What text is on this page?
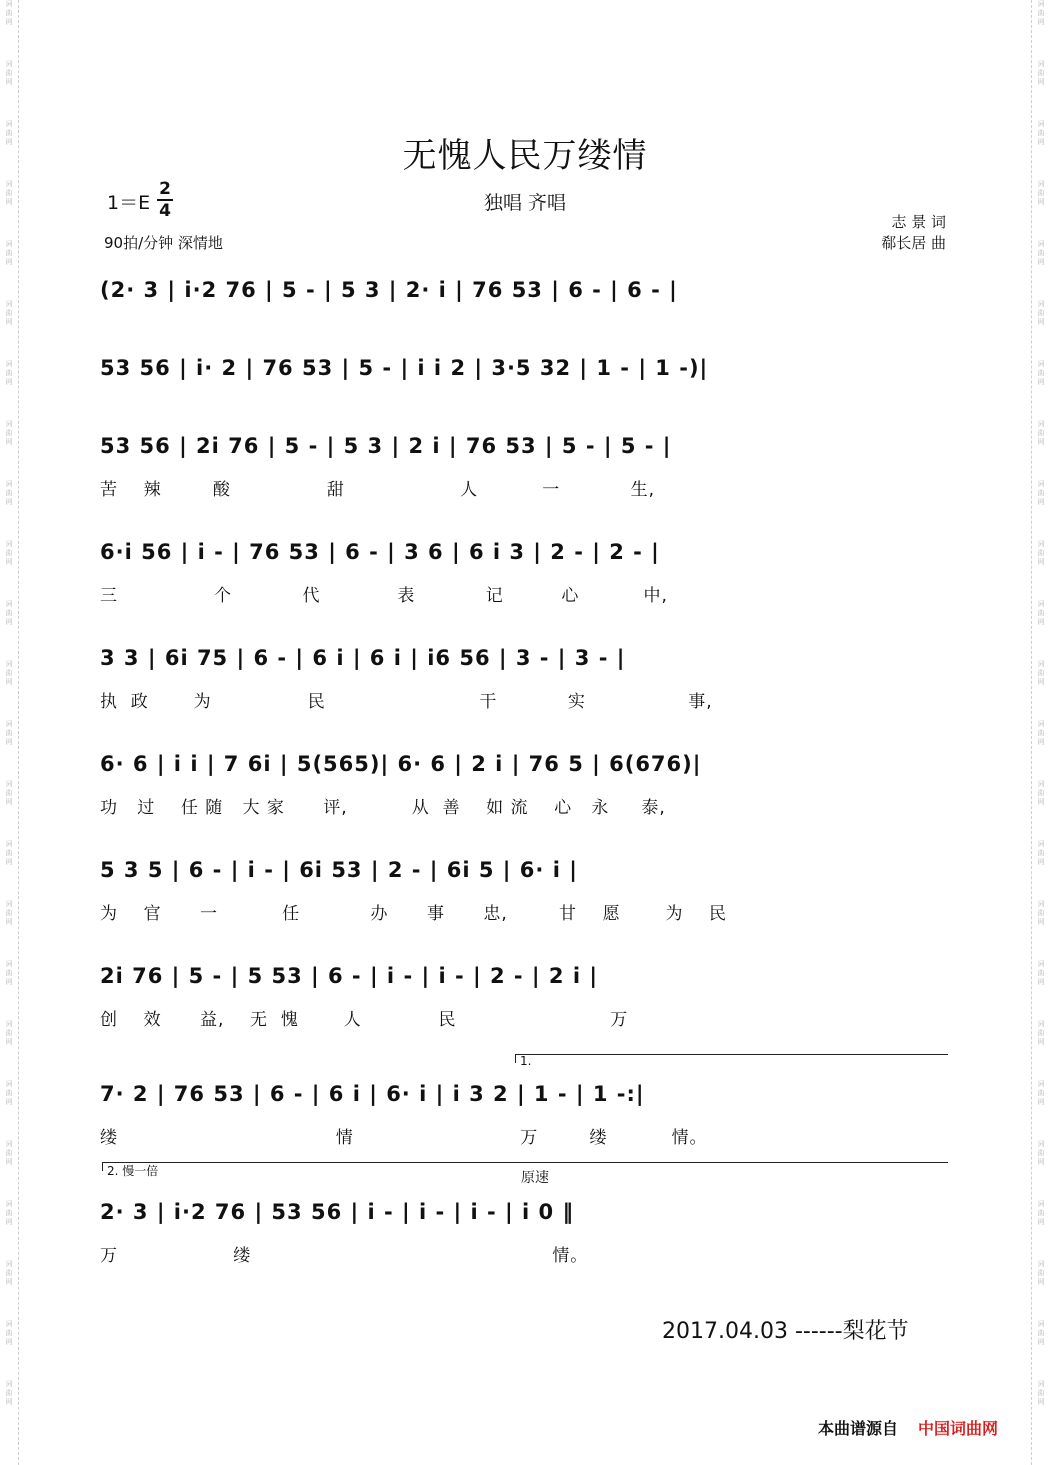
词
曲
网
词
曲
网
词
曲
网
词
曲
网
词
曲
网
词
曲
网
词
曲
网
词
曲
网
词
曲
网
词
曲
网
词
曲
网
词
曲
网
词
曲
网
词
曲
网
词
曲
网
词
曲
网
词
曲
网
词
曲
网
词
曲
网
词
曲
网
词
曲
网
词
曲
网
词
曲
网
词
曲
网
词
曲
网
词
曲
网
词
曲
网
词
曲
网
词
曲
网
词
曲
网
词
曲
网
词
曲
网
词
曲
网
词
曲
网
词
曲
网
词
曲
网
词
曲
网
词
曲
网
词
曲
网
词
曲
网
词
曲
网
词
曲
网
词
曲
网
词
曲
网
词
曲
网
词
曲
网
词
曲
网
词
曲
网
无愧人民万缕情
1＝E
2
4	独唱 齐唱
90拍/分钟 深情地
志 景 词
郗长居 曲
(2· 3 | i·2 76 | 5 - | 5 3 | 2· i | 76 53 | 6 - | 6 - |
53 56 | i· 2 | 76 53 | 5 - | i i 2 | 3·5 32 | 1 - | 1 -)|
53 56 | 2i 76 | 5 - | 5 3 | 2 i | 76 53 | 5 - | 5 - |
苦    辣        酸               甜                  人          一           生,
6·i 56 | i - | 76 53 | 6 - | 3 6 | 6 i 3 | 2 - | 2 - |
三               个           代            表           记         心          中,
3 3 | 6i 75 | 6 - | 6 i | 6 i | i6 56 | 3 - | 3 - |
执  政       为               民                        干           实                事,
6· 6 | i i | 7 6i | 5(565)| 6· 6 | 2 i | 76 5 | 6(676)|
功   过    任 随   大 家      评,          从  善    如 流    心   永     泰,
5 3 5 | 6 - | i - | 6i 53 | 2 - | 6i 5 | 6· i |
为    官      一          任           办      事      忠,        甘    愿       为    民
2i 76 | 5 - | 5 53 | 6 - | i - | i - | 2 - | 2 i |
创    效      益,    无  愧       人            民                        万
1.
7· 2 | 76 53 | 6 - | 6 i | 6· i | i 3 2 | 1 - | 1 -:|
缕                                  情                          万        缕          情。
2. 慢一倍	原速
2· 3 | i·2 76 | 53 56 | i - | i - | i - | i 0 ‖
万                  缕                                               情。
2017.04.03 ------梨花节
本曲谱源自 中国词曲网
